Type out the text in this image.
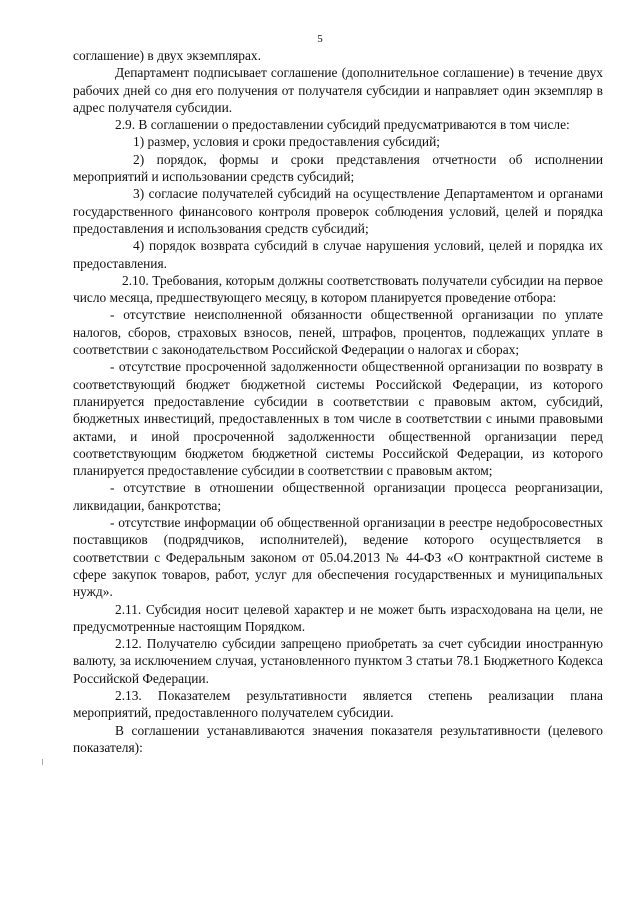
5

соглашение) в двух экземплярах.

Департамент подписывает соглашение (дополнительное соглашение) в течение двух рабочих дней со дня его получения от получателя субсидии и направляет один экземпляр в адрес получателя субсидии.

2.9. В соглашении о предоставлении субсидий предусматриваются в том числе:

1) размер, условия и сроки предоставления субсидий;

2) порядок, формы и сроки представления отчетности об исполнении мероприятий и использовании средств субсидий;

3) согласие получателей субсидий на осуществление Департаментом и органами государственного финансового контроля проверок соблюдения условий, целей и порядка предоставления и использования средств субсидий;

4) порядок возврата субсидий в случае нарушения условий, целей и порядка их предоставления.

2.10. Требования, которым должны соответствовать получатели субсидии на первое число месяца, предшествующего месяцу, в котором планируется проведение отбора:

- отсутствие неисполненной обязанности общественной организации по уплате налогов, сборов, страховых взносов, пеней, штрафов, процентов, подлежащих уплате в соответствии с законодательством Российской Федерации о налогах и сборах;

- отсутствие просроченной задолженности общественной организации по возврату в соответствующий бюджет бюджетной системы Российской Федерации, из которого планируется предоставление субсидии в соответствии с правовым актом, субсидий, бюджетных инвестиций, предоставленных в том числе в соответствии с иными правовыми актами, и иной просроченной задолженности общественной организации перед соответствующим бюджетом бюджетной системы Российской Федерации, из которого планируется предоставление субсидии в соответствии с правовым актом;

- отсутствие в отношении общественной организации процесса реорганизации, ликвидации, банкротства;

- отсутствие информации об общественной организации в реестре недобросовестных поставщиков (подрядчиков, исполнителей), ведение которого осуществляется в соответствии с Федеральным законом от 05.04.2013 № 44-ФЗ «О контрактной системе в сфере закупок товаров, работ, услуг для обеспечения государственных и муниципальных нужд».

2.11. Субсидия носит целевой характер и не может быть израсходована на цели, не предусмотренные настоящим Порядком.

2.12. Получателю субсидии запрещено приобретать за счет субсидии иностранную валюту, за исключением случая, установленного пунктом 3 статьи 78.1 Бюджетного Кодекса Российской Федерации.

2.13. Показателем результативности является степень реализации плана мероприятий, предоставленного получателем субсидии.

В соглашении устанавливаются значения показателя результативности (целевого показателя):
